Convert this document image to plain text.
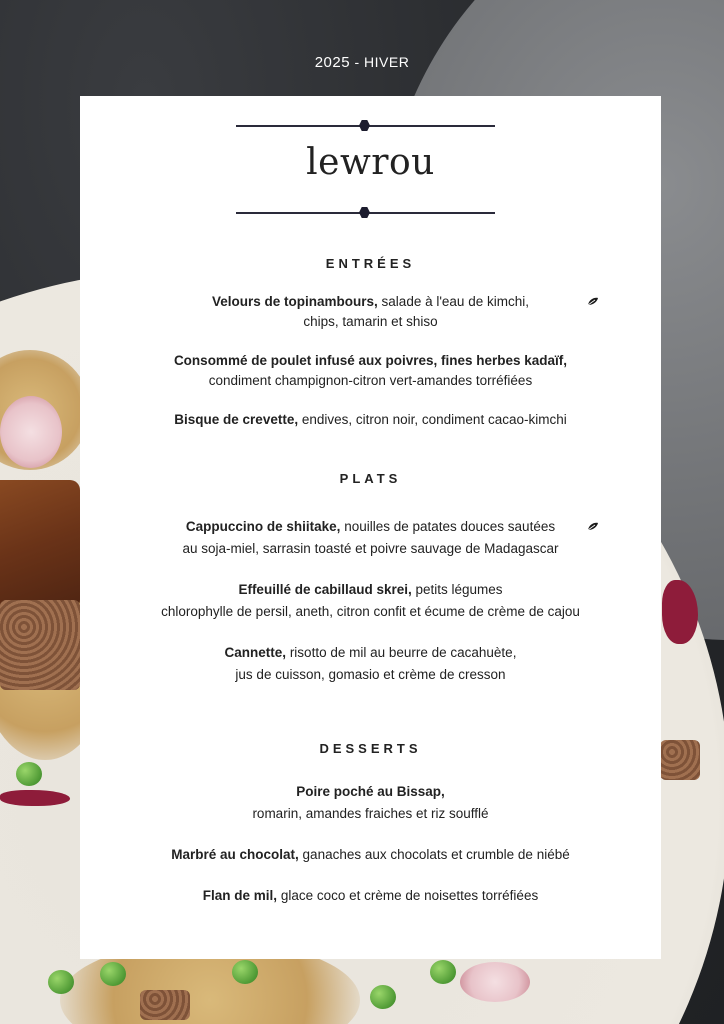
2025 - HIVER
lewrou
ENTRÉES
Velours de topinambours, salade à l'eau de kimchi,
chips, tamarin et shiso
Consommé de poulet infusé aux poivres, fines herbes kadaïf,
condiment champignon-citron vert-amandes torréfiées
Bisque de crevette, endives, citron noir, condiment cacao-kimchi
PLATS
Cappuccino de shiitake, nouilles de patates douces sautées
au soja-miel, sarrasin toasté et poivre sauvage de Madagascar
Effeuillé de cabillaud skrei, petits légumes
chlorophylle de persil, aneth, citron confit et écume de crème de cajou
Cannette, risotto de mil au beurre de cacahuète,
jus de cuisson, gomasio et crème de cresson
DESSERTS
Poire poché au Bissap,
romarin, amandes fraiches et riz soufflé
Marbré au chocolat, ganaches aux chocolats et crumble de niébé
Flan de mil, glace coco et crème de noisettes torréfiées
